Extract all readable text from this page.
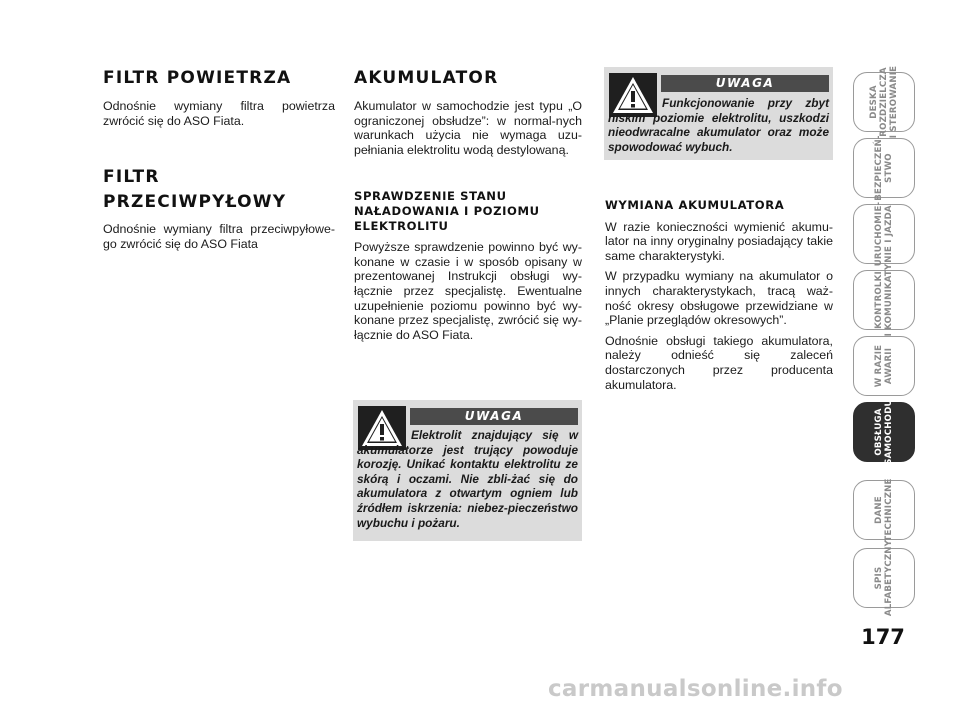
FILTR POWIETRZA

Odnośnie wymiany filtra powietrza zwrócić się do ASO Fiata.

FILTR
PRZECIWPYŁOWY

Odnośnie wymiany filtra przeciwpyłowe-go zwrócić się do ASO Fiata

AKUMULATOR

Akumulator w samochodzie jest typu „O ograniczonej obsłudze”: w normal-nych warunkach użycia nie wymaga uzu-pełniania elektrolitu wodą destylowaną.

SPRAWDZENIE STANU NAŁADOWANIA I POZIOMU ELEKTROLITU

Powyższe sprawdzenie powinno być wy-konane w czasie i w sposób opisany w prezentowanej Instrukcji obsługi wy-łącznie przez specjalistę. Ewentualne uzupełnienie poziomu powinno być wy-konane przez specjalistę, zwrócić się wy-łącznie do ASO Fiata.

UWAGA
Elektrolit znajdujący się w akumulatorze jest trujący powoduje korozję. Unikać kontaktu elektrolitu ze skórą i oczami. Nie zbli-żać się do akumulatora z otwartym ogniem lub źródłem iskrzenia: niebez-pieczeństwo wybuchu i pożaru.
UWAGA
Funkcjonowanie przy zbyt niskim poziomie elektrolitu, uszkodzi nieodwracalne akumulator oraz może spowodować wybuch.
WYMIANA AKUMULATORA

W razie konieczności wymienić akumu-lator na inny oryginalny posiadający takie same charakterystyki.

W przypadku wymiany na akumulator o innych charakterystykach, tracą waż-ność okresy obsługowe przewidziane w „Planie przeglądów okresowych”.

Odnośnie obsługi takiego akumulatora, należy odnieść się zaleceń dostarczonych przez producenta akumulatora.

DESKA
ROZDZIELCZA
I STEROWANIE
BEZPIECZEŃ-
STWO
URUCHOMIE-
NIE I JAZDA
KONTROLKI
I KOMUNIKATY
W RAZIE
AWARII
OBSŁUGA
SAMOCHODU
DANE
TECHNICZNE
SPIS
ALFABETYCZNY
177
carmanualsonline.info
